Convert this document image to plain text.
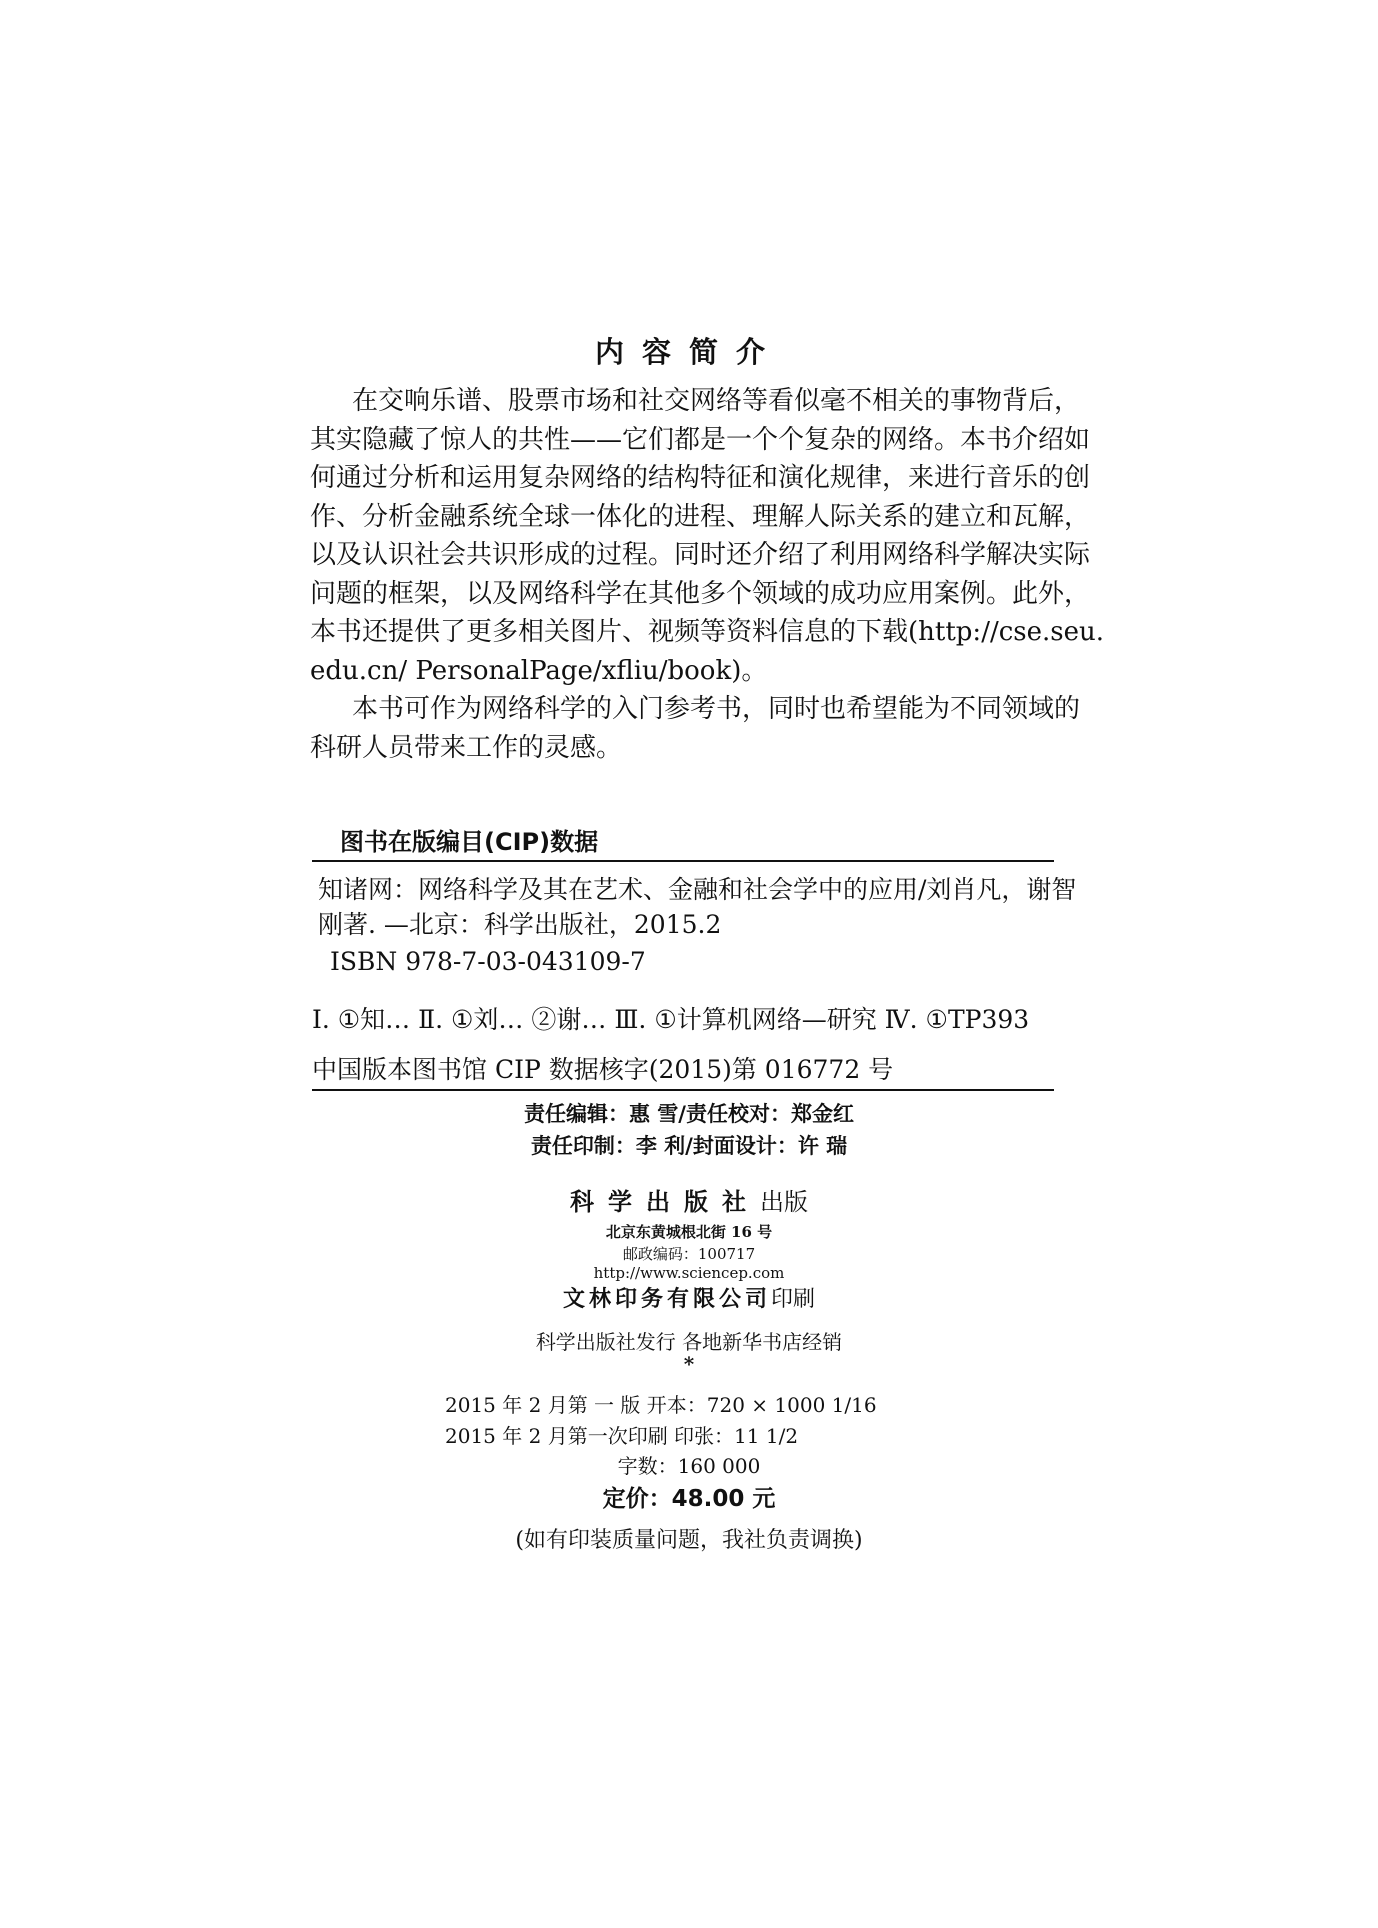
内容简介
在交响乐谱、股票市场和社交网络等看似毫不相关的事物背后，
其实隐藏了惊人的共性——它们都是一个个复杂的网络。本书介绍如
何通过分析和运用复杂网络的结构特征和演化规律，来进行音乐的创
作、分析金融系统全球一体化的进程、理解人际关系的建立和瓦解，
以及认识社会共识形成的过程。同时还介绍了利用网络科学解决实际
问题的框架，以及网络科学在其他多个领域的成功应用案例。此外，
本书还提供了更多相关图片、视频等资料信息的下载(http://cse.seu.
edu.cn/ PersonalPage/xfliu/book)。
本书可作为网络科学的入门参考书，同时也希望能为不同领域的
科研人员带来工作的灵感。
图书在版编目(CIP)数据
知诸网：网络科学及其在艺术、金融和社会学中的应用/刘肖凡，谢智
刚著. —北京：科学出版社，2015.2
ISBN 978-7-03-043109-7
Ⅰ. ①知… Ⅱ. ①刘… ②谢… Ⅲ. ①计算机网络—研究 Ⅳ. ①TP393
中国版本图书馆 CIP 数据核字(2015)第 016772 号
责任编辑：惠 雪/责任校对：郑金红
责任印制：李 利/封面设计：许 瑞
科学出版社出版
北京东黄城根北街 16 号
邮政编码：100717
http://www.sciencep.com
文林印务有限公司印刷
科学出版社发行 各地新华书店经销
*
2015 年 2 月第 一 版 开本：720 × 1000 1/16
2015 年 2 月第一次印刷 印张：11 1/2
字数：160 000
定价：48.00 元
(如有印装质量问题，我社负责调换)
